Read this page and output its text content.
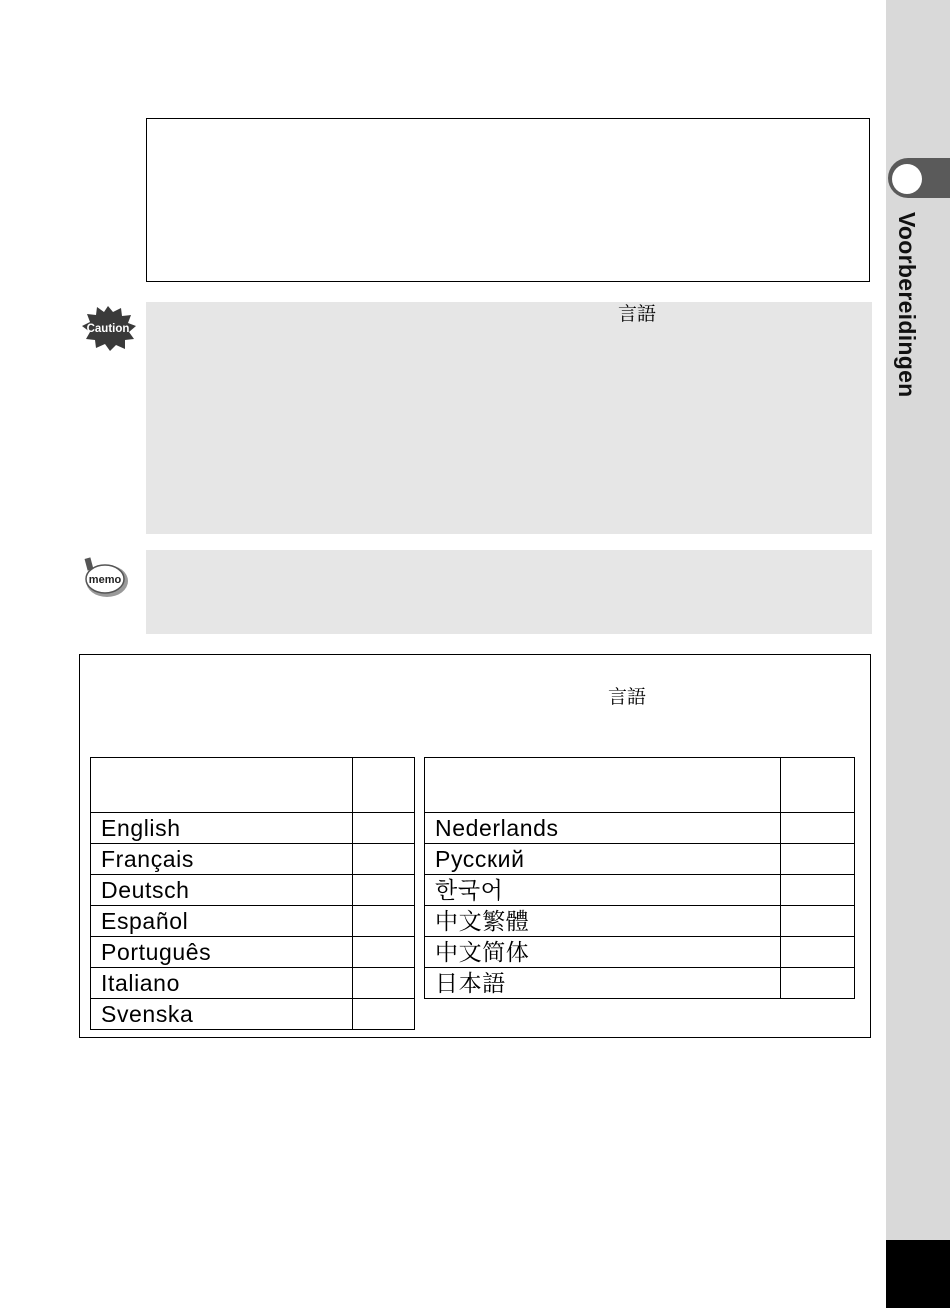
Voorbereidingen
Caution
言語
memo
言語

English	
Français	
Deutsch	
Español	
Português	
Italiano	
Svenska	

Nederlands	
Русский	
한국어	
中文繁體	
中文简体	
日本語	
